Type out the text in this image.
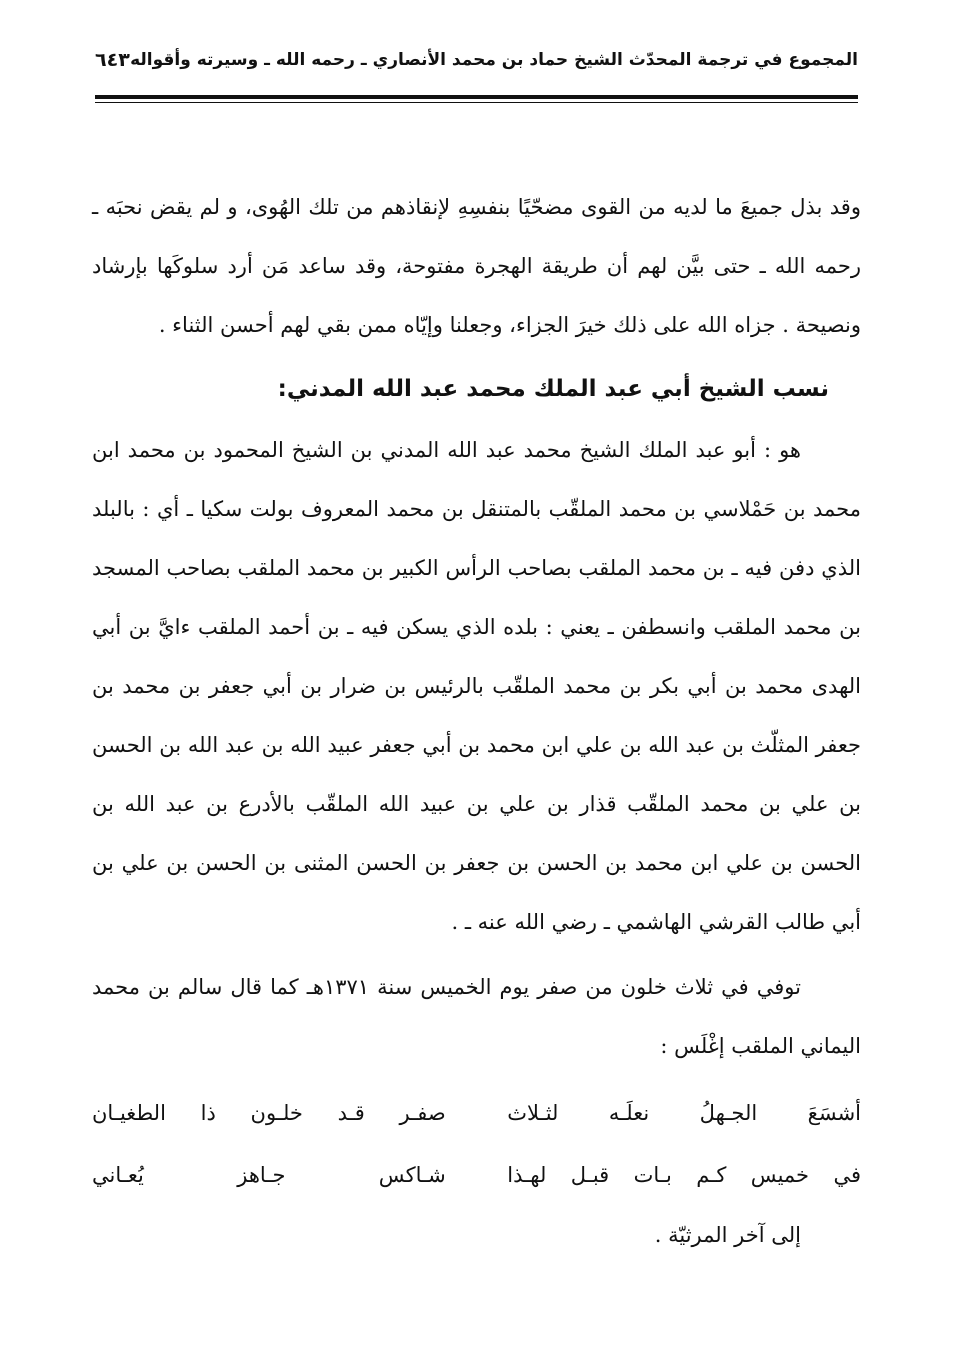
المجموع في ترجمة المحدّث الشيخ حماد بن محمد الأنصاري ـ رحمه الله ـ وسيرته وأقواله
٦٤٣

وقد بذل جميعَ ما لديه من القوى مضحّيًا بنفسِهِ لإنقاذهم من تلك الهُوى، و لم يقض نحبَه ـ رحمه الله ـ حتى بيَّن لهم أن طريقة الهجرة مفتوحة، وقد ساعد مَن أرد سلوكَها بإرشاد ونصيحة . جزاه الله على ذلك خيرَ الجزاء، وجعلنا وإيّاه ممن بقي لهم أحسن الثناء .

نسب الشيخ أبي عبد الملك محمد عبد الله المدني:

هو : أبو عبد الملك الشيخ محمد عبد الله المدني بن الشيخ المحمود بن محمد ابن محمد بن حَمْلاسي بن محمد الملقّب بالمتنقل بن محمد المعروف بولت سكيا ـ أي : بالبلد الذي دفن فيه ـ بن محمد الملقب بصاحب الرأس الكبير بن محمد الملقب بصاحب المسجد بن محمد الملقب وانسطفن ـ يعني : بلده الذي يسكن فيه ـ بن أحمد الملقب ءايَّ بن أبي الهدى محمد بن أبي بكر بن محمد الملقّب بالرئيس بن ضرار بن أبي جعفر بن محمد بن جعفر المثلّث بن عبد الله بن علي ابن محمد بن أبي جعفر عبيد الله بن عبد الله بن الحسن بن علي بن محمد الملقّب قذار بن علي بن عبيد الله الملقّب بالأدرع بن عبد الله بن الحسن بن علي ابن محمد بن الحسن بن جعفر بن الحسن المثنى بن الحسن بن علي بن أبي طالب القرشي الهاشمي ـ رضي الله عنه ـ .

توفي في ثلاث خلون من صفر يوم الخميس سنة ١٣٧١هـ كما قال سالم بن محمد اليماني الملقب إغْلَس :

أشسَعَ الجـهلُ نعلَـه لثـلاث
صفـر قـد خلـون ذا الطغيـان
في خميس كـم بـات قبـل لهـذا
شـاكس جـاهز يُعـاني

إلى آخر المرثيّة .
